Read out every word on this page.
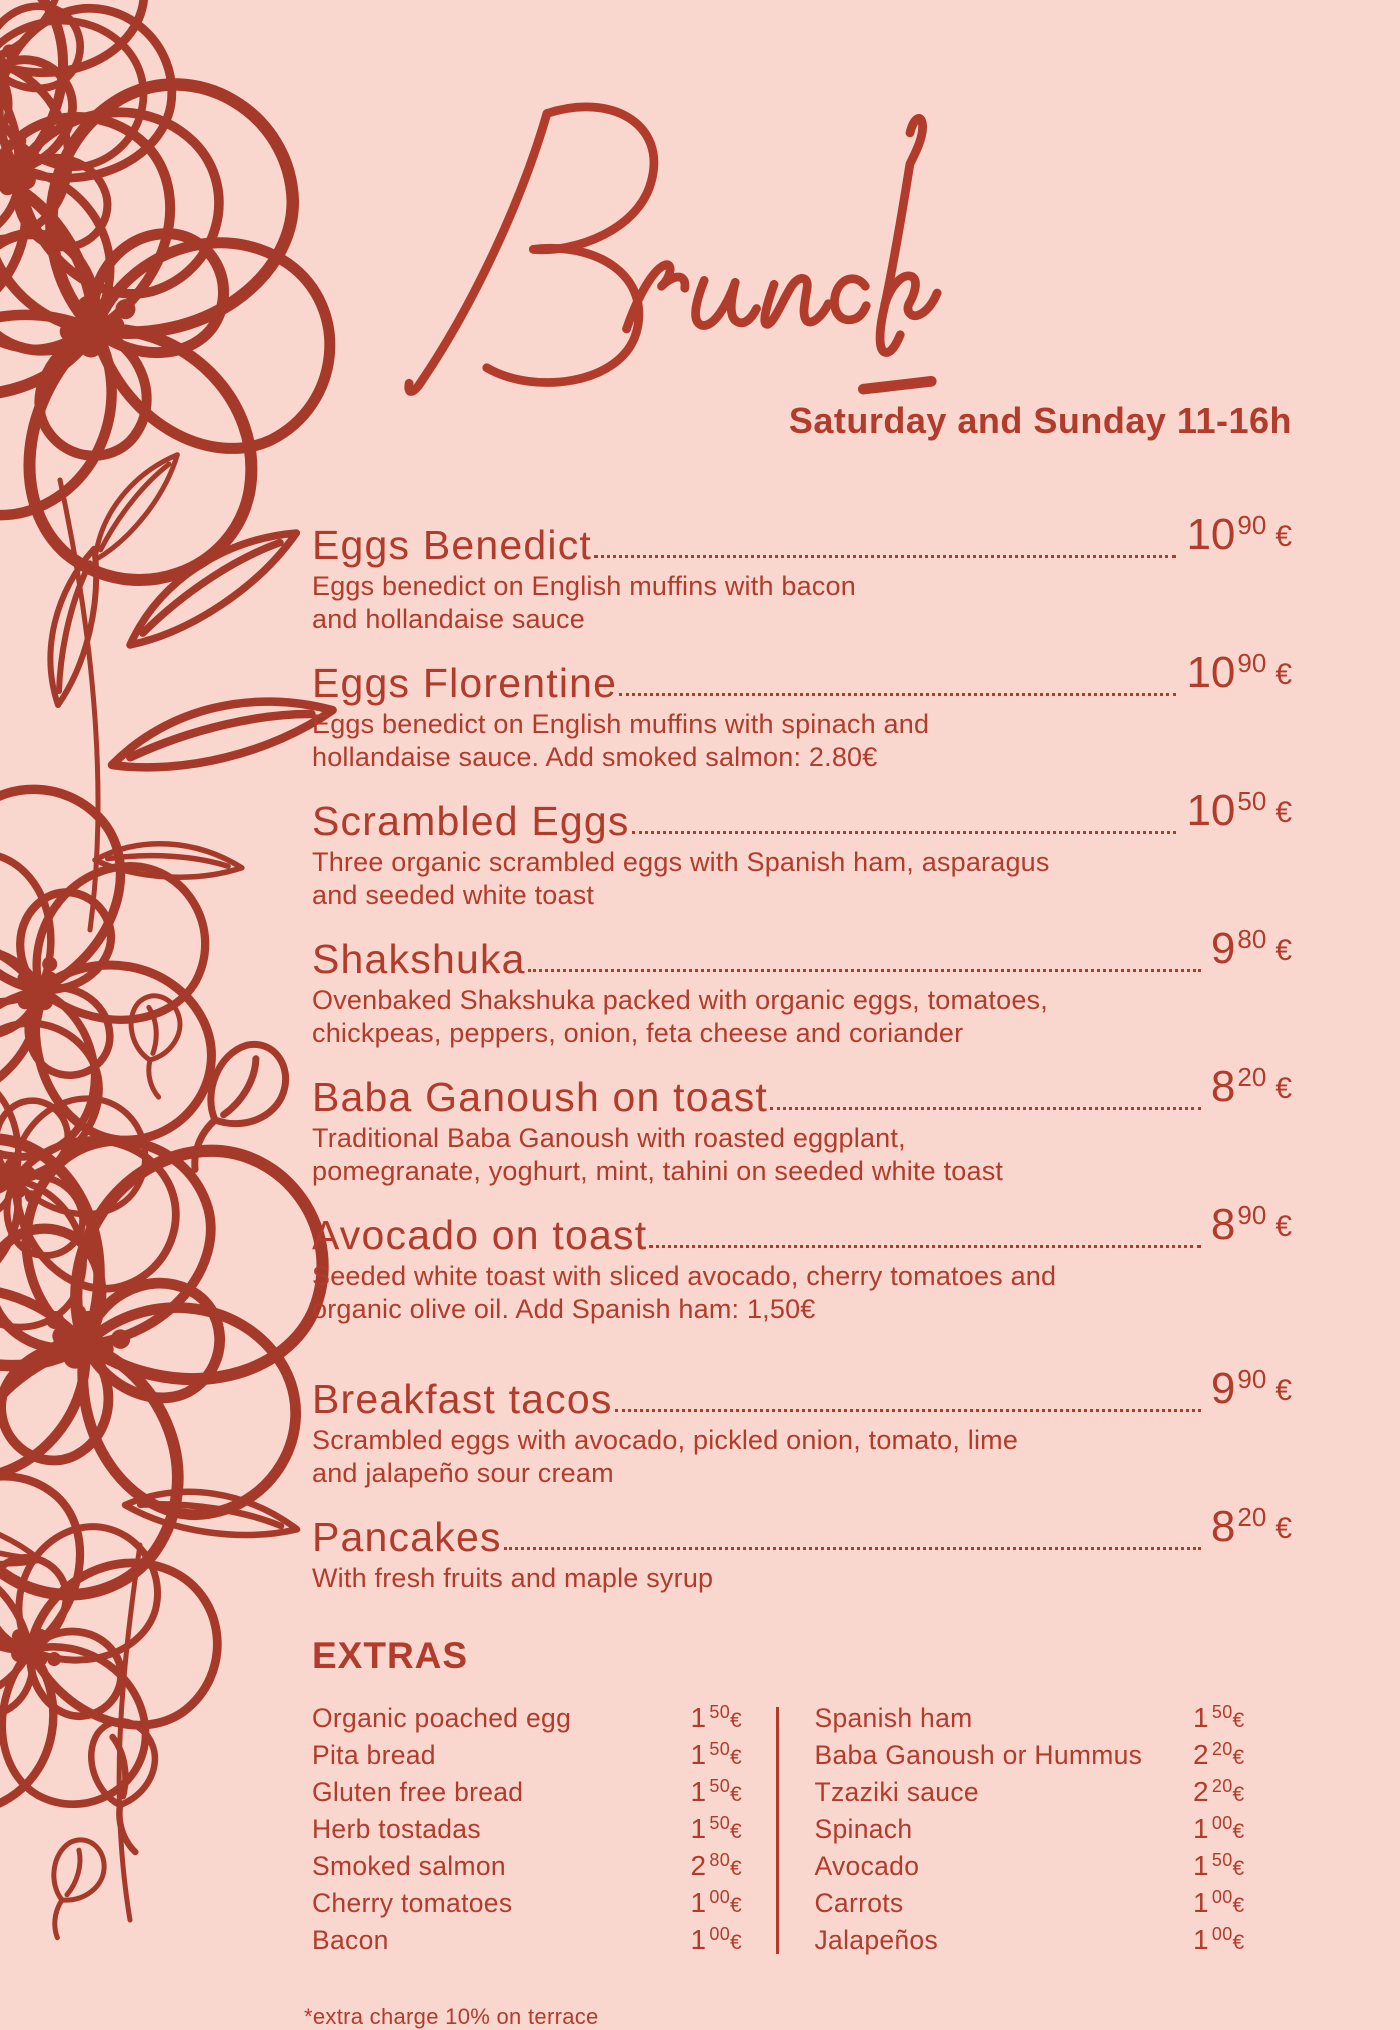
Saturday and Sunday 11-16h
Eggs Benedict	1090 €
Eggs benedict on English muffins with bacon
and hollandaise sauce
Eggs Florentine	1090 €
Eggs benedict on English muffins with spinach and
hollandaise sauce. Add smoked salmon: 2.80€
Scrambled Eggs	1050 €
Three organic scrambled eggs with Spanish ham, asparagus
and seeded white toast
Shakshuka	980 €
Ovenbaked Shakshuka packed with organic eggs, tomatoes,
chickpeas, peppers, onion, feta cheese and coriander
Baba Ganoush on toast	820 €
Traditional Baba Ganoush with roasted eggplant,
pomegranate, yoghurt, mint, tahini on seeded white toast
Avocado on toast	890 €
Seeded white toast with sliced avocado, cherry tomatoes and
organic olive oil. Add Spanish ham: 1,50€
Breakfast tacos	990 €
Scrambled eggs with avocado, pickled onion, tomato, lime
and jalapeño sour cream
Pancakes	820 €
With fresh fruits and maple syrup
EXTRAS
Organic poached egg	1 $^{50}$€
Pita bread	1 $^{50}$€
Gluten free bread	1 $^{50}$€
Herb tostadas	1 $^{50}$€
Smoked salmon	2 $^{80}$€
Cherry tomatoes	1 $^{00}$€
Bacon	1 $^{00}$€
Spanish ham	1 $^{50}$€
Baba Ganoush or Hummus 2 $^{20}$€
Tzaziki sauce	2 $^{20}$€
Spinach	1 $^{00}$€
Avocado	1 $^{50}$€
Carrots	1 $^{00}$€
Jalapeños	1 $^{00}$€
*extra charge 10% on terrace
